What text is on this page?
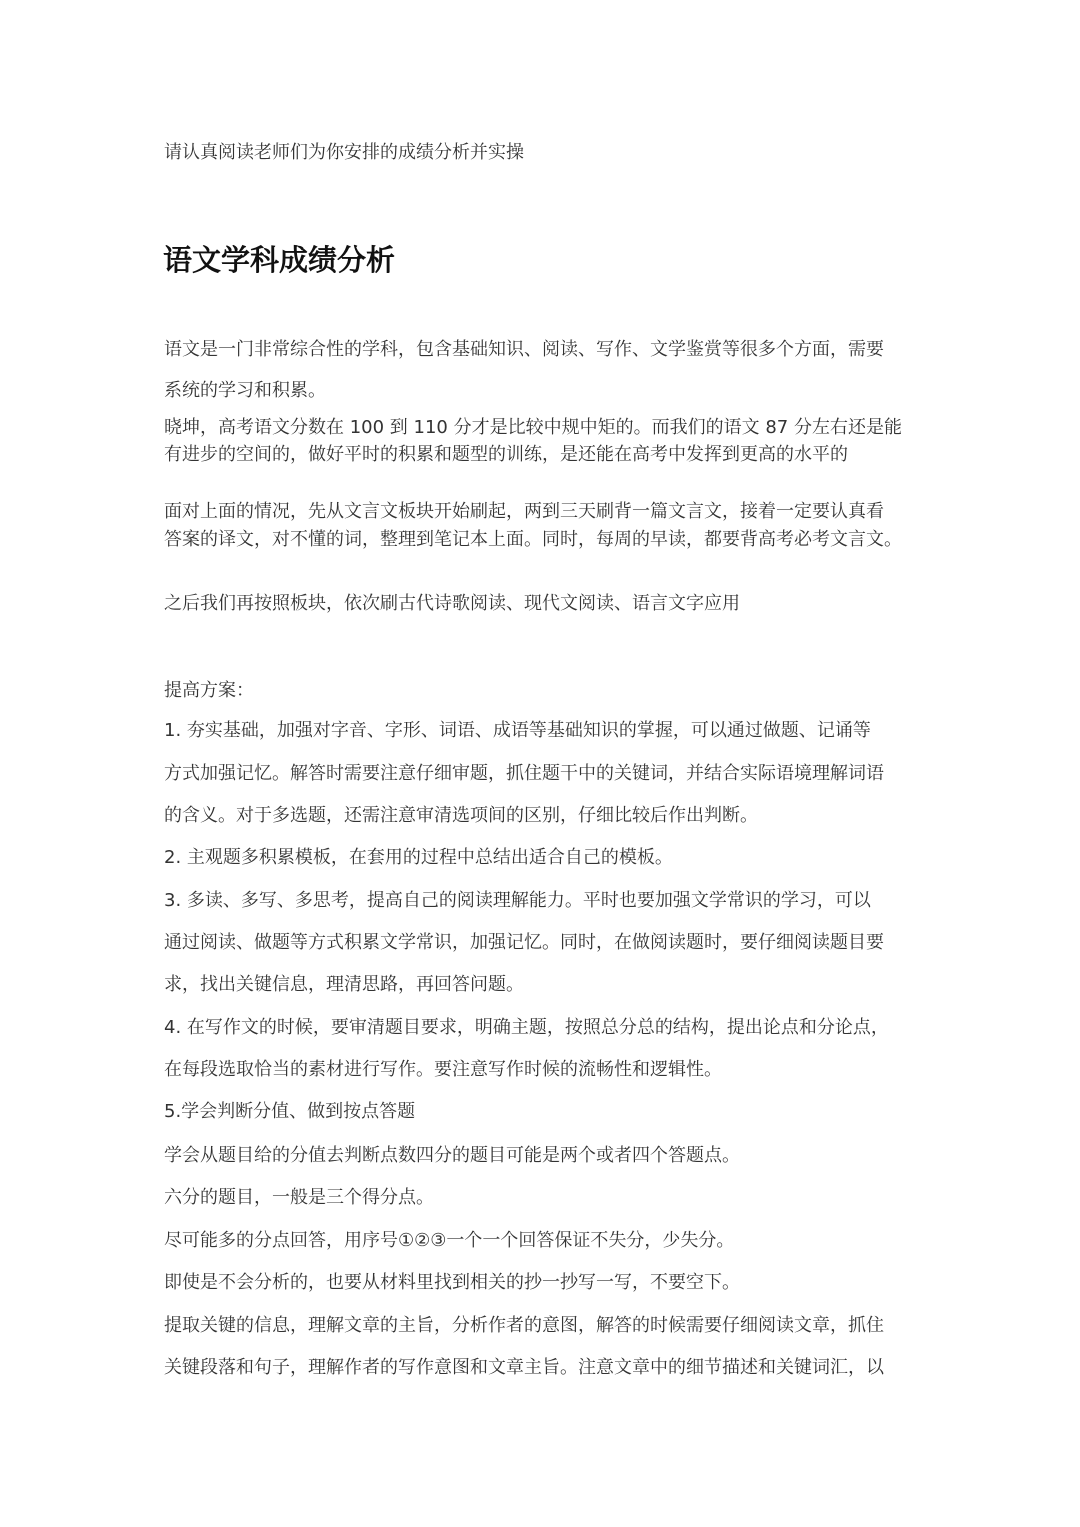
请认真阅读老师们为你安排的成绩分析并实操
语文学科成绩分析
语文是一门非常综合性的学科，包含基础知识、阅读、写作、文学鉴赏等很多个方面，需要
系统的学习和积累。
晓坤，高考语文分数在 100 到 110 分才是比较中规中矩的。而我们的语文 87 分左右还是能
有进步的空间的，做好平时的积累和题型的训练，是还能在高考中发挥到更高的水平的
面对上面的情况，先从文言文板块开始刷起，两到三天刷背一篇文言文，接着一定要认真看
答案的译文，对不懂的词，整理到笔记本上面。同时，每周的早读，都要背高考必考文言文。
之后我们再按照板块，依次刷古代诗歌阅读、现代文阅读、语言文字应用
提高方案：
1. 夯实基础，加强对字音、字形、词语、成语等基础知识的掌握，可以通过做题、记诵等
方式加强记忆。解答时需要注意仔细审题，抓住题干中的关键词，并结合实际语境理解词语
的含义。对于多选题，还需注意审清选项间的区别，仔细比较后作出判断。
2. 主观题多积累模板，在套用的过程中总结出适合自己的模板。
3. 多读、多写、多思考，提高自己的阅读理解能力。平时也要加强文学常识的学习，可以
通过阅读、做题等方式积累文学常识，加强记忆。同时，在做阅读题时，要仔细阅读题目要
求，找出关键信息，理清思路，再回答问题。
4. 在写作文的时候，要审清题目要求，明确主题，按照总分总的结构，提出论点和分论点，
在每段选取恰当的素材进行写作。要注意写作时候的流畅性和逻辑性。
5.学会判断分值、做到按点答题
学会从题目给的分值去判断点数四分的题目可能是两个或者四个答题点。
六分的题目，一般是三个得分点。
尽可能多的分点回答，用序号①②③一个一个回答保证不失分，少失分。
即使是不会分析的，也要从材料里找到相关的抄一抄写一写，不要空下。
提取关键的信息，理解文章的主旨，分析作者的意图，解答的时候需要仔细阅读文章，抓住
关键段落和句子，理解作者的写作意图和文章主旨。注意文章中的细节描述和关键词汇，以
